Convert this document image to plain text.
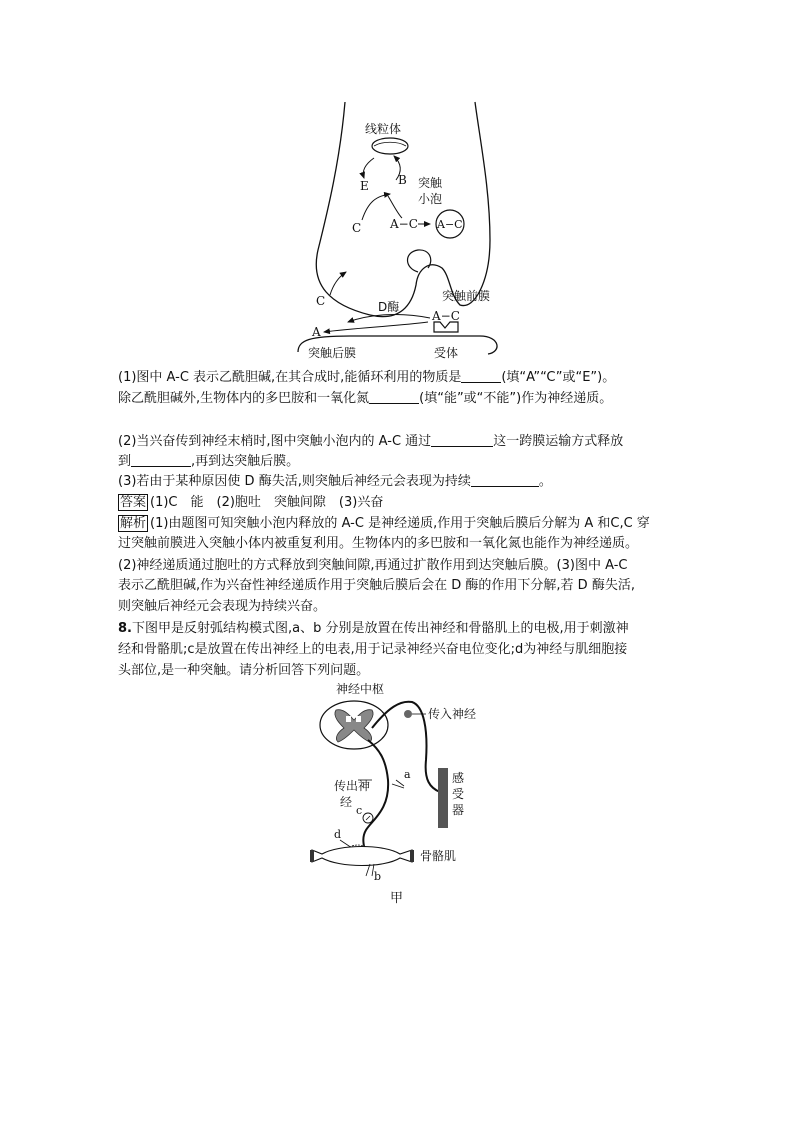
线粒体
E B
C A−C A−C
突触
小泡
突触前膜
C	D酶
A−C
A
突触后膜	受体

(1)图中 A-C 表示乙酰胆碱,在其合成时,能循环利用的物质是	(填“A”“C”或“E”)。

除乙酰胆碱外,生物体内的多巴胺和一氧化氮	(填“能”或“不能”)作为神经递质。

(2)当兴奋传到神经末梢时,图中突触小泡内的 A-C 通过	这一跨膜运输方式释放

到	,再到达突触后膜。

(3)若由于某种原因使 D 酶失活,则突触后神经元会表现为持续	。

答案 (1)C　能　(2)胞吐　突触间隙　(3)兴奋

解析 (1)由题图可知突触小泡内释放的 A-C 是神经递质,作用于突触后膜后分解为 A 和C,C 穿

过突触前膜进入突触小体内被重复利用。生物体内的多巴胺和一氧化氮也能作为神经递质。

(2)神经递质通过胞吐的方式释放到突触间隙,再通过扩散作用到达突触后膜。(3)图中 A-C

表示乙酰胆碱,作为兴奋性神经递质作用于突触后膜后会在 D 酶的作用下分解,若 D 酶失活,

则突触后神经元会表现为持续兴奋。

8.下图甲是反射弧结构模式图,a、b 分别是放置在传出神经和骨骼肌上的电极,用于刺激神

经和骨骼肌;c是放置在传出神经上的电表,用于记录神经兴奋电位变化;d为神经与肌细胞接

头部位,是一种突触。请分析回答下列问题。

神经中枢
传入神经
传出神
经
感
受
器
a
c
d
骨骼肌
b
甲
